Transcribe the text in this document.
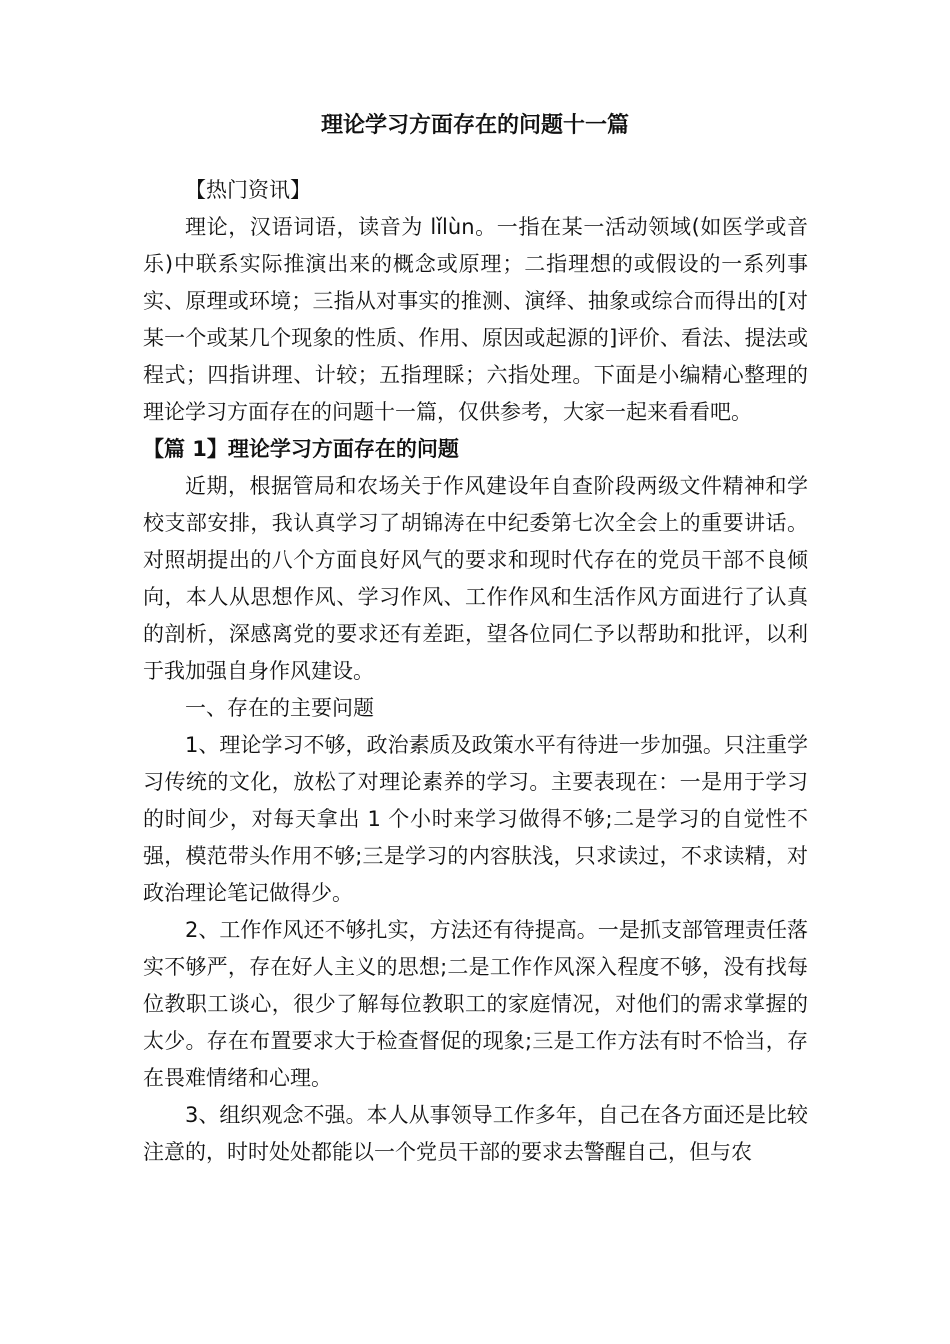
理论学习方面存在的问题十一篇

【热门资讯】

理论，汉语词语，读音为 lǐlùn。一指在某一活动领域(如医学或音乐)中联系实际推演出来的概念或原理；二指理想的或假设的一系列事实、原理或环境；三指从对事实的推测、演绎、抽象或综合而得出的[对某一个或某几个现象的性质、作用、原因或起源的]评价、看法、提法或程式；四指讲理、计较；五指理睬；六指处理。下面是小编精心整理的理论学习方面存在的问题十一篇，仅供参考，大家一起来看看吧。

【篇 1】理论学习方面存在的问题

近期，根据管局和农场关于作风建设年自查阶段两级文件精神和学校支部安排，我认真学习了胡锦涛在中纪委第七次全会上的重要讲话。对照胡提出的八个方面良好风气的要求和现时代存在的党员干部不良倾向，本人从思想作风、学习作风、工作作风和生活作风方面进行了认真的剖析，深感离党的要求还有差距，望各位同仁予以帮助和批评，以利于我加强自身作风建设。

一、存在的主要问题

1、理论学习不够，政治素质及政策水平有待进一步加强。只注重学习传统的文化，放松了对理论素养的学习。主要表现在：一是用于学习的时间少，对每天拿出 1 个小时来学习做得不够;二是学习的自觉性不强，模范带头作用不够;三是学习的内容肤浅，只求读过，不求读精，对政治理论笔记做得少。

2、工作作风还不够扎实，方法还有待提高。一是抓支部管理责任落实不够严，存在好人主义的思想;二是工作作风深入程度不够，没有找每位教职工谈心，很少了解每位教职工的家庭情况，对他们的需求掌握的太少。存在布置要求大于检查督促的现象;三是工作方法有时不恰当，存在畏难情绪和心理。

3、组织观念不强。本人从事领导工作多年，自己在各方面还是比较注意的，时时处处都能以一个党员干部的要求去警醒自己，但与农
